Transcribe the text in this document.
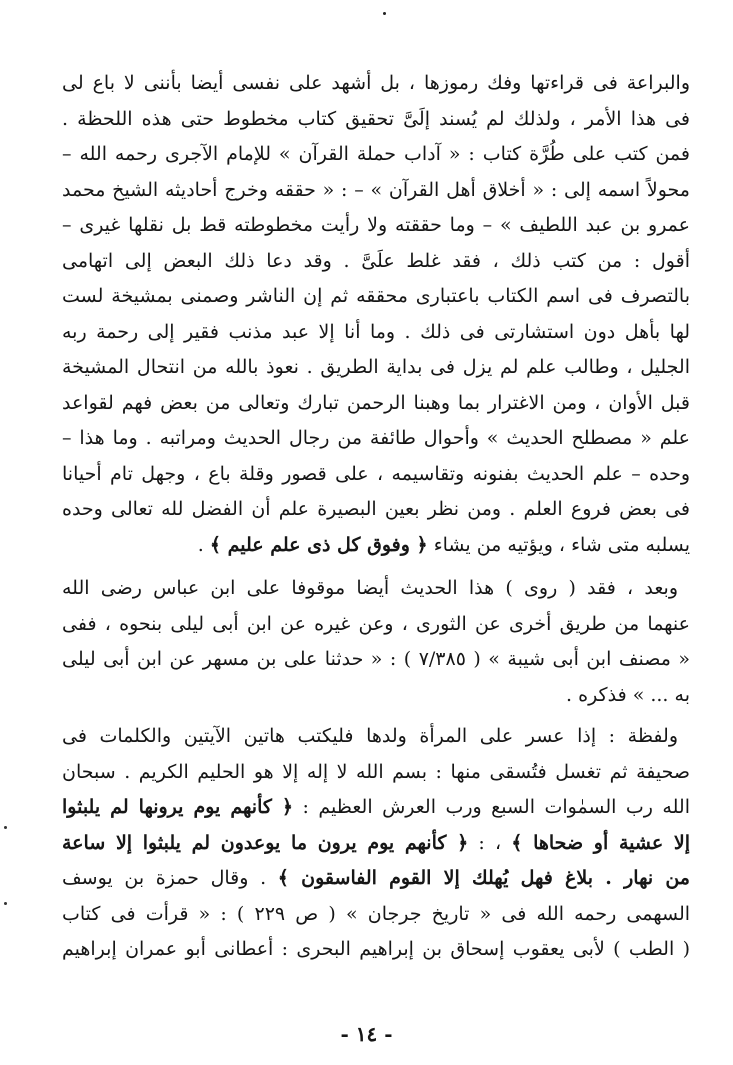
والبراعة فى قراءتها وفك رموزها ، بل أشهد على نفسى أيضا بأننى لا باع لى
فى هذا الأمر ، ولذلك لم يُسند إلَىَّ تحقيق كتاب مخطوط حتى هذه اللحظة .
فمن كتب على طُرَّة كتاب : « آداب حملة القرآن » للإمام الآجرى رحمه الله –
محولاً اسمه إلى : « أخلاق أهل القرآن » – : « حققه وخرج أحاديثه الشيخ محمد
عمرو بن عبد اللطيف » – وما حققته ولا رأيت مخطوطته قط بل نقلها غيرى –
أقول : من كتب ذلك ، فقد غلط علَىَّ . وقد دعا ذلك البعض إلى اتهامى
بالتصرف فى اسم الكتاب باعتبارى محققه ثم إن الناشر وصمنى بمشيخة لست
لها بأهل دون استشارتى فى ذلك . وما أنا إلا عبد مذنب فقير إلى رحمة ربه
الجليل ، وطالب علم لم يزل فى بداية الطريق . نعوذ بالله من انتحال المشيخة
قبل الأوان ، ومن الاغترار بما وهبنا الرحمن تبارك وتعالى من بعض فهم لقواعد
علم « مصطلح الحديث » وأحوال طائفة من رجال الحديث ومراتبه . وما هذا –
وحده – علم الحديث بفنونه وتقاسيمه ، على قصور وقلة باع ، وجهل تام أحيانا
فى بعض فروع العلم . ومن نظر بعين البصيرة علم أن الفضل لله تعالى وحده
يسلبه متى شاء ، ويؤتيه من يشاء ﴿ وفوق كل ذى علم عليم ﴾ .
وبعد ، فقد ( روى ) هذا الحديث أيضا موقوفا على ابن عباس رضى الله
عنهما من طريق أخرى عن الثورى ، وعن غيره عن ابن أبى ليلى بنحوه ، ففى
« مصنف ابن أبى شيبة » ( ٧/٣٨٥ ) : « حدثنا على بن مسهر عن ابن أبى ليلى
به ... » فذكره .
ولفظة : إذا عسر على المرأة ولدها فليكتب هاتين الآيتين والكلمات فى
صحيفة ثم تغسل فتُسقى منها : بسم الله لا إله إلا هو الحليم الكريم . سبحان
الله رب السمٰوات السبع ورب العرش العظيم : ﴿ كأنهم يوم يرونها لم يلبثوا
إلا عشية أو ضحاها ﴾ ، : ﴿ كأنهم يوم يرون ما يوعدون لم يلبثوا إلا ساعة
من نهار . بلاغ فهل يُهلك إلا القوم الفاسقون ﴾ . وقال حمزة بن يوسف
السهمى رحمه الله فى « تاريخ جرجان » ( ص ٢٢٩ ) : « قرأت فى كتاب
( الطب ) لأبى يعقوب إسحاق بن إبراهيم البحرى : أعطانى أبو عمران إبراهيم
- ١٤ -
